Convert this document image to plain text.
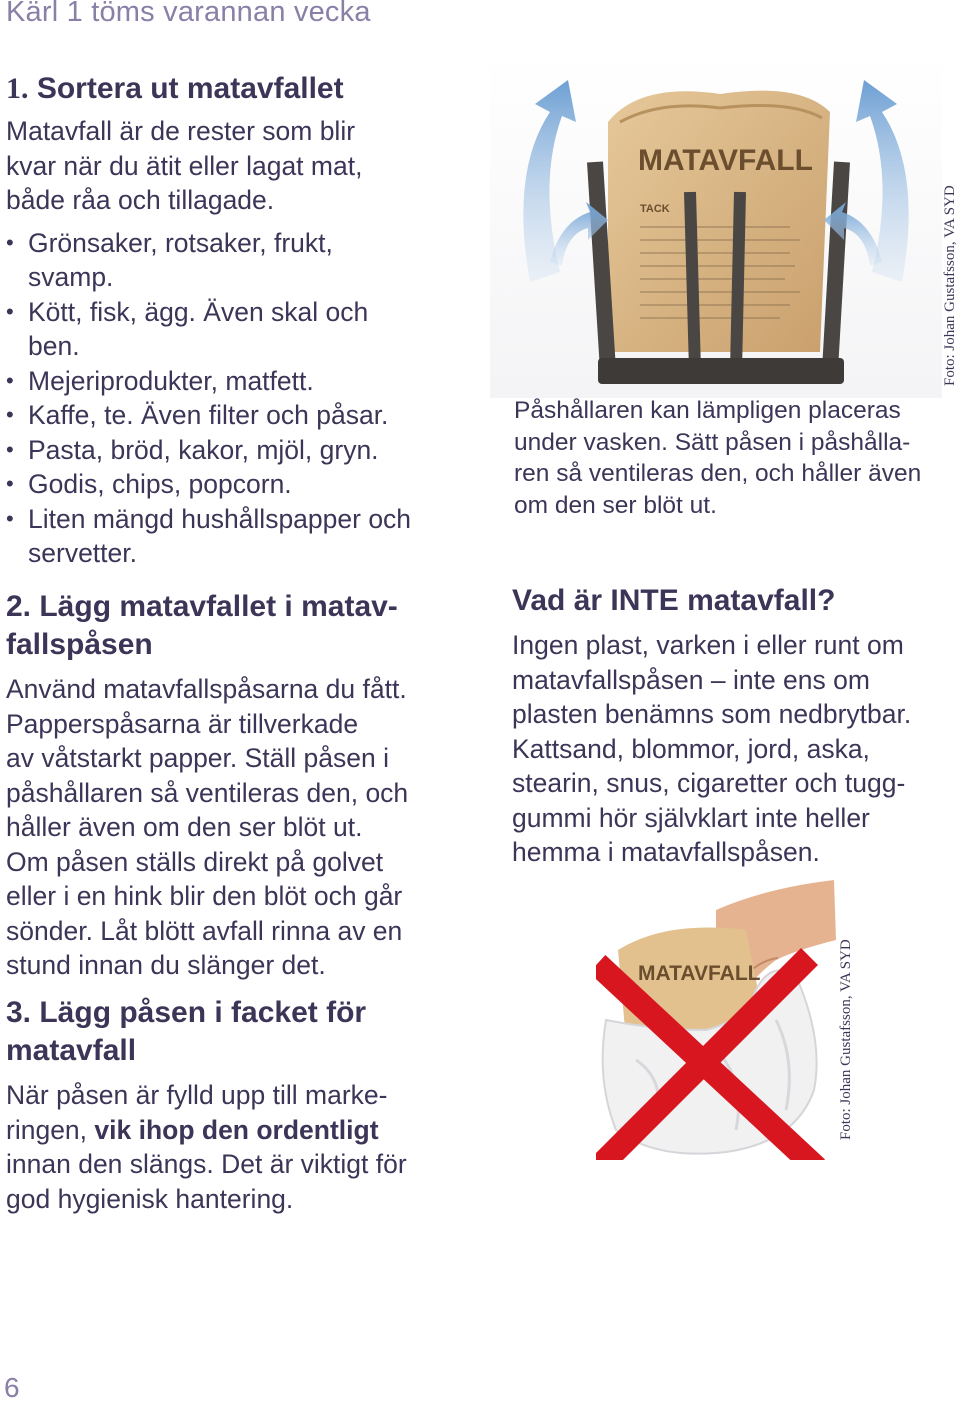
Kärl 1 töms varannan vecka
1. Sortera ut matavfallet
Matavfall är de rester som blir
kvar när du ätit eller lagat mat,
både råa och tillagade.
• Grönsaker, rotsaker, frukt,
svamp.
• Kött, fisk, ägg. Även skal och
ben.
• Mejeriprodukter, matfett.
• Kaffe, te. Även filter och påsar.
• Pasta, bröd, kakor, mjöl, gryn.
• Godis, chips, popcorn.
• Liten mängd hushållspapper och
servetter.
2. Lägg matavfallet i matav-
fallspåsen
Använd matavfallspåsarna du fått.
Papperspåsarna är tillverkade
av våtstarkt papper. Ställ påsen i
påshållaren så ventileras den, och
håller även om den ser blöt ut.
Om påsen ställs direkt på golvet
eller i en hink blir den blöt och går
sönder. Låt blött avfall rinna av en
stund innan du slänger det.
3. Lägg påsen i facket för
matavfall
När påsen är fylld upp till marke-
ringen, vik ihop den ordentligt
innan den slängs. Det är viktigt för
god hygienisk hantering.
MATAVFALL
TACK	Foto: Johan Gustafsson, VA SYD
Påshållaren kan lämpligen placeras
under vasken. Sätt påsen i påshålla-
ren så ventileras den, och håller även
om den ser blöt ut.
Vad är INTE matavfall?
Ingen plast, varken i eller runt om
matavfallspåsen – inte ens om
plasten benämns som nedbrytbar.
Kattsand, blommor, jord, aska,
stearin, snus, cigaretter och tugg-
gummi hör självklart inte heller
hemma i matavfallspåsen.
MATAVFALL	Foto: Johan Gustafsson, VA SYD
6
